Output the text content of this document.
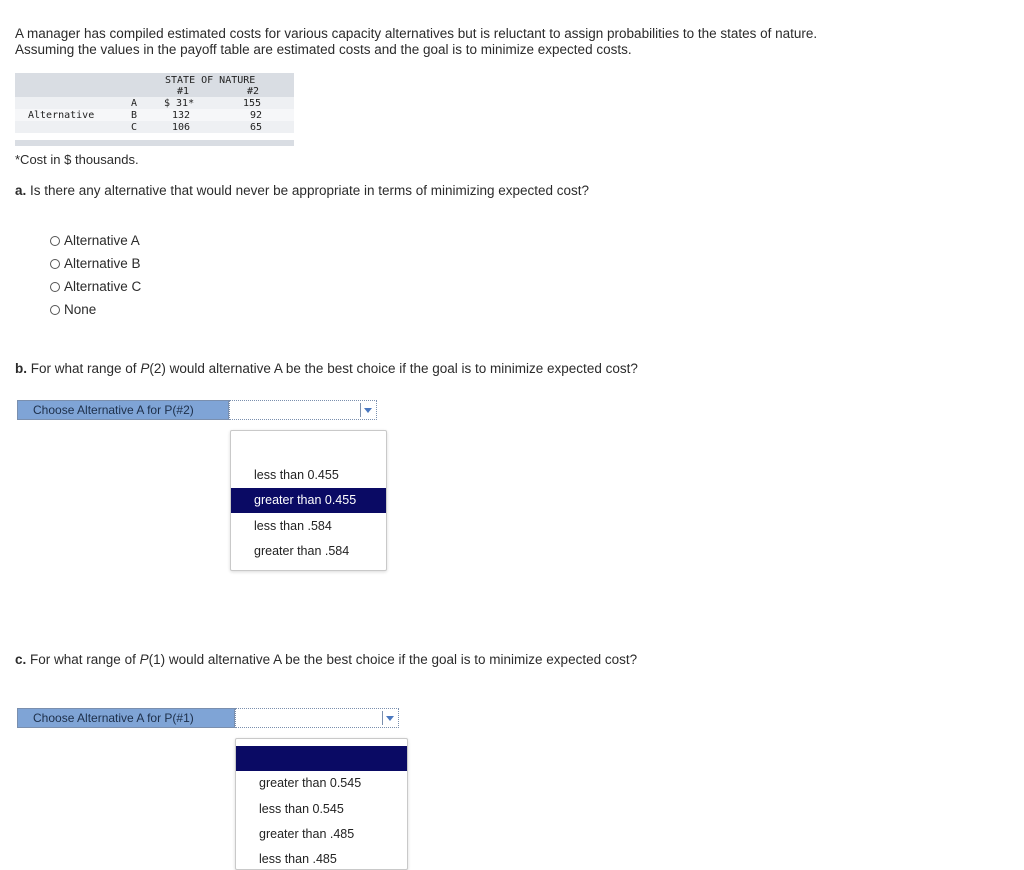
A manager has compiled estimated costs for various capacity alternatives but is reluctant to assign probabilities to the states of nature.

Assuming the values in the payoff table are estimated costs and the goal is to minimize expected costs.

STATE OF NATURE
#1	#2
Alternative
A	$ 31*	155
B	132	92
C	106	65
*Cost in $ thousands.
a. Is there any alternative that would never be appropriate in terms of minimizing expected cost?
Alternative A
Alternative B
Alternative C
None
b. For what range of P(2) would alternative A be the best choice if the goal is to minimize expected cost?
Choose Alternative A for P(#2)
less than 0.455
greater than 0.455
less than .584
greater than .584
c. For what range of P(1) would alternative A be the best choice if the goal is to minimize expected cost?
Choose Alternative A for P(#1)
greater than 0.545
less than 0.545
greater than .485
less than .485
